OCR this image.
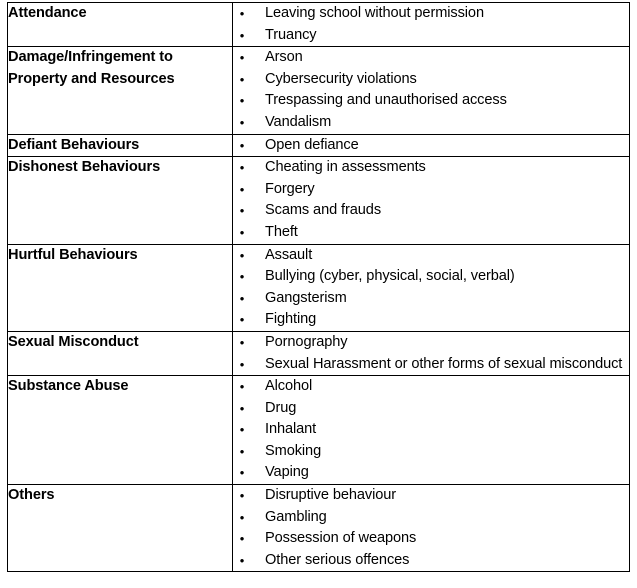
Attendance	• Leaving school without permission
• Truancy

Damage/Infringement to Property and Resources

• Arson
• Cybersecurity violations
• Trespassing and unauthorised access
• Vandalism

Defiant Behaviours	• Open defiance

Dishonest Behaviours	• Cheating in assessments
• Forgery
• Scams and frauds
• Theft

Hurtful Behaviours	• Assault
• Bullying (cyber, physical, social, verbal)
• Gangsterism
• Fighting

Sexual Misconduct	• Pornography
• Sexual Harassment or other forms of sexual misconduct

Substance Abuse	• Alcohol
• Drug
• Inhalant
• Smoking
• Vaping

Others	• Disruptive behaviour
• Gambling
• Possession of weapons
• Other serious offences
